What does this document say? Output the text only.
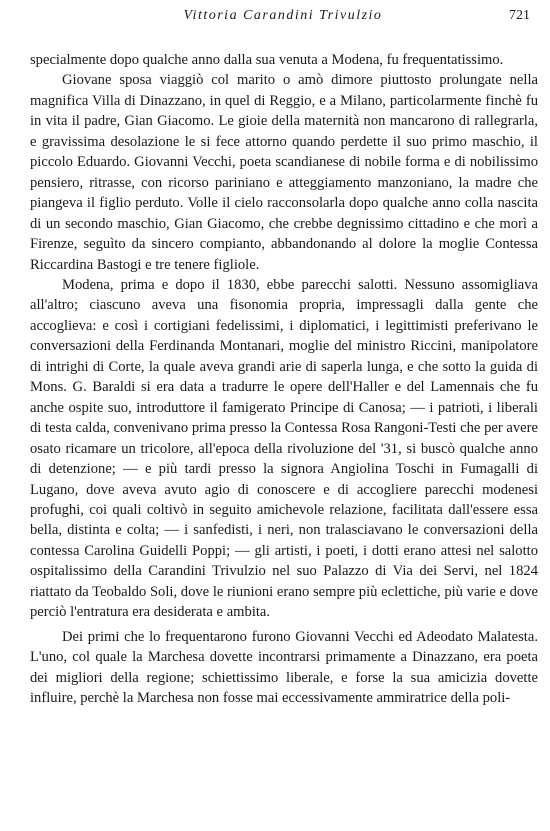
Vittoria Carandini Trivulzio	721

specialmente dopo qualche anno dalla sua venuta a Modena, fu frequentatissimo.

Giovane sposa viaggiò col marito o amò dimore piuttosto prolungate nella magnifica Villa di Dinazzano, in quel di Reggio, e a Milano, particolarmente finchè fu in vita il padre, Gian Giacomo. Le gioie della maternità non mancarono di rallegrarla, e gravissima desolazione le si fece attorno quando perdette il suo primo maschio, il piccolo Eduardo. Giovanni Vecchi, poeta scandianese di nobile forma e di nobilissimo pensiero, ritrasse, con ricorso pariniano e atteggiamento manzoniano, la madre che piangeva il figlio perduto. Volle il cielo racconsolarla dopo qualche anno colla nascita di un secondo maschio, Gian Giacomo, che crebbe degnissimo cittadino e che morì a Firenze, seguìto da sincero compianto, abbandonando al dolore la moglie Contessa Riccardina Bastogi e tre tenere figliole.

Modena, prima e dopo il 1830, ebbe parecchi salotti. Nessuno assomigliava all'altro; ciascuno aveva una fisonomia propria, impressagli dalla gente che accoglieva: e così i cortigiani fedelissimi, i diplomatici, i legittimisti preferivano le conversazioni della Ferdinanda Montanari, moglie del ministro Riccini, manipolatore di intrighi di Corte, la quale aveva grandi arie di saperla lunga, e che sotto la guida di Mons. G. Baraldi si era data a tradurre le opere dell'Haller e del Lamennais che fu anche ospite suo, introduttore il famigerato Principe di Canosa; — i patrioti, i liberali di testa calda, convenivano prima presso la Contessa Rosa Rangoni-Testi che per avere osato ricamare un tricolore, all'epoca della rivoluzione del '31, si buscò qualche anno di detenzione; — e più tardi presso la signora Angiolina Toschi in Fumagalli di Lugano, dove aveva avuto agio di conoscere e di accogliere parecchi modenesi profughi, coi quali coltivò in seguito amichevole relazione, facilitata dall'essere essa bella, distinta e colta; — i sanfedisti, i neri, non tralasciavano le conversazioni della contessa Carolina Guidelli Poppi; — gli artisti, i poeti, i dotti erano attesi nel salotto ospitalissimo della Carandini Trivulzio nel suo Palazzo di Via dei Servi, nel 1824 riattato da Teobaldo Soli, dove le riunioni erano sempre più eclettiche, più varie e dove perciò l'entratura era desiderata e ambita.

Dei primi che lo frequentarono furono Giovanni Vecchi ed Adeodato Malatesta. L'uno, col quale la Marchesa dovette incontrarsi primamente a Dinazzano, era poeta dei migliori della regione; schiettissimo liberale, e forse la sua amicizia dovette influire, perchè la Marchesa non fosse mai eccessivamente ammiratrice della poli-
